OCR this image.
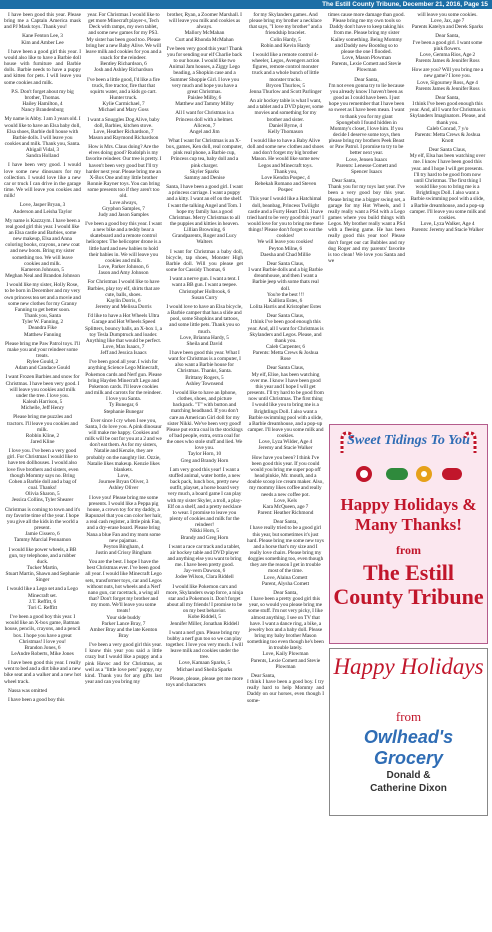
The Estill County Tribune, December 21, 2016, Page 15

I have been good this year. Please bring me a Captain America mask and PJ Mask toys. Thank you!

Kane Fenton Lee, 3
Kim and Amber Lee

I have been a good girl this year. I would also like to have a Barbie doll house with furniture and Barbie dolls. Barbie needs to have a puppy and kitten for pets. I will leave you some cookies and milk.

P.S. Don't forget about my big brother, Thomas.
Hailey Hamilton, 4
Nancy Brandenburg

My name is Abby. I am 3 years old. I would like to have an Elsa baby doll, Elsa shoes, Barbie doll house with Barbie dolls. I will leave you cookies and milk. Thank you, Santa.
Abigail Vidal, 3
Sandra Holland

I have been very good. I would love some new dinosaurs for my collection. I would love like a new car or truck I can drive in the garage time. We will leave you cookies and milk!

Love, Jasper Bryan, 3
Anderson and Leisha Taylor

My name is Kazzzym. I have been a real good girl this year. I would like an Elsa castle and Barbies, some new makeup, Elsa and Anna coloring books, crayons, a new coat and new boots. Bring my sister something too. We will leave cookies and milk.
Kameron Johnson, 5
Meghan Neal and Brandon Johnson

I would like my sister, Holly Rose, to be born in December and my very own princess tea set and a movie and some new clothes for my Granny Fanning to get better soon.
Thank you, Santa
Tyler W. Fanning, 2
Deandra Fike
Matthew Fanning

Please bring me Paw Patrol toys. I'll make you and your reindeer some treats.
Rylee Gould, 2
Adam and Candace Gould

I want Frozen Barbies and snow for Christmas. I have been very good. I will leave you cookies and milk under the tree. I love you.
Kaleah Harrison, 5
Michelle, Jeff Henry

Please bring me puzzles and tractors. I'll leave you cookies and milk.
Robbin Kline, 2
Jared Kline

I love you. I've been a very good girl. For Christmas I would like to have ten dollhouses. I would also love five brothers and sisters, even though Mommy says no. Bring Cohen a Barbie doll and a bag of coal. Thanks!
Olivia Sharon, 5
Jessica Collins, Tyler Shearer

Christmas is coming to town and it's my favorite time of the year. I hope you give all the kids in the world a present.
Jamie Cissero, 6
Tammy Marcial Pennamon

I would like power wheels, a BB gun, toy telephone, and a rubber duck.
Tucker Martin,
Stuart Martin, Shawn and Sephanie Singer

I would like a Lego set and a Lego Minecraft set.
J.T. Reffitt, 6
Tori C. Reffitt

I've been a good boy this year. I would like an X-box game, Batman house, pencils, crayons, and a pencil box. I hope you have a great Christmas! I love you!
Brandon Jones, 6
LeAndre Roberts, Mike Jones

I have been good this year. I really went to bed and a dirt bike and a new bike seat and a walker and a new hot wheel track.

Nassa was omitted

I have been a good boy this

year. For Christmas I would like to get more Minecraft player-s, Tech Deck with ramps, my own tablet, and some new games for my PS3. My sister has been good too. Please bring her a new Baby Alive. We will leave milk and cookies for you and a snack for the reindeer.
Bentley Richardson, 6
Josh and Ashley Richardson

I've been a little good, I'd like a fire truck, fire tractor, fire that that squirts water, and a kids go cart. Hunter truck.
Kylie Carmichael, 7
Michael and Mary Goss

I want a Snuggles Dog Alive, baby doll, Barbies, kitchen stove.
Love, Heather Richardson, 7
Mason and Raymond Richardson

How is Mrs. Claus doing? Are the elves doing good? Rudolph is my favorite reindeer. Our tree is pretty. I haven't been very good but I'll try harder next year. Please bring me an X-Box One and my little brother Ronnie Rayner toys. You can bring some presents too if they aren't too old.
Love always,
Gryphon Samples, 7
Judy and Jason Samples

I've been a good boy this year. I want a new bike and a teddy bear a skateboard and a remote control helicopter. The helicopter drone is a little hard and new babies to hold their babies in. We will leave you cookies and milk.
Love, Parker Johnson, 6
Jason and Amy Johnson

For Christmas I would like to have Barbies, play toy elf, shirts that are cute, balls, shoes.
Kaylin Dorris, 6
Jeremy and Melissa Dorris

I'd like to have a Hot Wheels Ultra Garage and Hot Wheels Speed Splitters, bouncy balls, an X-box 1, a toy Tesla Dumptruck and loader. Anything like that would be perfect.
Love, Max Isaacs, 7
Jeff and Jessica Isaacs

I've been good all year. I wish for anything Science Lego Minecraft, Pokemon cards and Nerf gun. Please bring Hayden Minecraft Lego and Pokemon cards. I'll leave cookies and milk and carrots for the reindeer. I love you Santa.
Ty Bunegar, 6
Stephanie Bunegar

Ever since I cry when I see you, Santa, I do love you. A pink dinosaur will make me happy. Cookies and milk will be out for you at a 2 and we don't eat them. As for my sisters, Natalie and Kenzie, they are probably on the naughty list. Ozzie, Natalie likes makeup. Kenzie likes blankets.
Love,
Journee Bryan Oliver, 3
Ashley Oliver

I love you! Please bring me some presents. I would like a Peppa pig house, a crown toy for my daddy, a Rapunzel that you can color her hair, a real cash register, a little pink Fan, and a dry-erase board. Please bring Nana a blue Fan and my mom some new pajamas.
Peyton Bingham, 4
Justin and Crissy Bingham

You are the best. I hope I have the best Christmas ever. I've been good all year. I would like Minecraft Lego sets, transformer toys, car and Legos without nuts, hot wheels and a Nerf nano gun, car racetrack, a wing all that? Don't forget my brother and my mom. We'll leave you some treats!
Your side buddy
Parker Lance Bray, 7
Amber Bray and the late Kenton Bray

I've been a very good girl this year. I know this year you said a little crazy but I would like a puppy and a pink Havoc and for Christmas, as well as a "little love pets" puppy, my kind. Thank you for any gifts last year and can you bring my

brother, Ryan, a Zoomer Marshall. I will leave you milk and cookies as always.
Mallory McMahan
Curt and Rhonda McMahan

I've been very good this year! Thank you for sending our elf Charlie back to our house. I would like two Animal Jam houses, a Ziggy Lego beading, a Shopkin case and a Summer Shoppie Girl. I love you very much and hope you have a great Christmas.
Paislee Milby, 6
Matthew and Tammy Milby

All I want for Christmas is a Princess doll with a helmet.
Aliceon, 7
Angel and Jim

What I want for Christmas is an X-box, games, Ken doll, real computer, pink real phone, a Barbie cup, Princess cup tea, baby doll and a pink charger.
Skyler Sparks
Sammy and Denise

Santa, I have been a good girl. I want a princess carriage. I want a puppy and a kitty. I want an elf on the shelf. I want the talking Angel and Tom. I hope my family has a good Christmas. Merry Christmas to all the puppies and kitties in heaven.
Lillian Browning, 6
Grandparents, Roger and Lucy Walters

I want for Christmas a baby doll, bicycle, tap shoes, Monster High Barbie doll. Will you please get some for Cassidy Thomas, 6

I want a nerve gun. I want a tent. I want a BB gun. I want a teepee.
Christopher Holbrook, 6
Susan Curry

I would love to have an Elsa bicycle, a Barbie camper that has a slide and pool, some Shopkins and tattoos, and some little pets. Thank you so much.
Love, Brianna Hardy, 5
Sheila and David

I have been good this year. What I want for Christmas is a computer, I also want a Barbie house for Christmas. Thanks, Santa.
Brittany Rogers, 5
Ashley Townsend

I would like to have an Iphone, clothes, shoes, and picture backpack. "T" with button and matching headband. If you don't care an American Girl doll for my sister Nikki. We've been very good! Please put extra coal in the stockings of bad people, extra, extra coal for the ones who stole stuff and lied. We love you.
Taylor Horn, 10
Greg and Brandy Horn

I am very good this year! I want a stuffed animal, water bottle, a new back pack, lunch box, pretty new outfit, playset, a horse board very very much, a board game I can play with my sister Skyler, a troll, a play-Elf on a shelf, and a pretty necklace to wear. I promise to leave you plenty of cookies and milk for the reindeer!
Nikki Horn, 5
Brandy and Greg Horn

I want a race car track and a tablet, air hockey table and DVD player and anything else you want to bring me. I have been pretty good.
Jay-vern Dawson, 6
Jodee Wilson, Clara Riddell

I would like Pokemon cars and more, Skylanders swap force, a ninja star and a Pokemon it. Don't forget about all my friends! I promise to be on my best behavior.
Kobe Riddell, 5
Jennifer Miller, Jonathan Riddell

I want a nerf gun. Please bring my bubby a nerf gun too so we can play together. I love you very much. I will leave milk and cookies under the tree.
Love, Kamaan Sparks, 5
Michael and Sheila Sparks

Please, please, please get me more toys and characters

for my Skylanders games. And please bring my brother a necklace that says, "I love my brother" and a friendship bracelet.
Colin Hardy, 5
Robin and Kevin Hardy

I would like a remote control 4-wheeler, Legos, Avengers action figures, remote control monster truck and a whole bunch of little monster trucks.
Brycen Thurlow, 5
Jenna Thurlow and Scott Parlinger

An air hockey table is what I want, and a tablet and a DVD player, some movies and something for my brother and sister.
Daniel Byrne, 4
Kelly Thomason

I would like to have a Baby Alive doll and some new clothes and shoes and don't forget my big brother Mason. He would like some new Legos and Minecraft toys.
Thank you,
Love Kendra Pospec, 4
Rebekah Romano and Steven Pospec

This year I would like a Hatchimal doll, beanbag, Princess Twilight castle and a Furry Heart Doll. I have tried hard to be very good this year! I would love for you to bring me these things! Please don't forget to eat the cookies!
We will leave you cookies!
Peyton Milne, 6
Daesha and Chad Millie

Dear Santa Claus,
I want Barbie dolls and a big Barbie dreamhouse, and then I want a Barbie jeep with some thats real doll.
You're the best !!!
Kallista Estes, 6
Lolita Harris and Kristopher Estes

Dear Santa Claus,
I think I've been good enough this year. And, all I want for Christmas is Skylanders and Legos. Please, and thank you.
Caleb Carpenter, 6
Parents: Metta Crews & Joshua Rose

Dear Santa Claus,
My elf, Elise, has been watching over me. I know I have been good this year and I hope I will get presents. I'll try hard to be good from now until Christmas. The first thing I would like you to bring me is a Brightlings Doll. I also want a Barbie swimming pool with a slide, a Barbie dreamhouse, and a pop-up camper. I'll leave you some milk and cookies.
Love, Lyza Wilder, Age 4
Jeremy and Stacie Walker

How have you been? I think I've been good this year. If you could would you bring me super pop off head pinkie, Mr. mouth, and a double scoop ice cream maker. Also, my mommy likes coffee and really needs a new coffee pot.
Love, Kels
Kara McQueen, age 7
Parent: Heather Richmond

Dear Santa,
I have really tried to be a good girl this year, but sometimes it's just hard. Please bring me some new toys and a horse that's my size and I really love chairs. Please bring my doggies something too, even though they are the reason I get in trouble most of the time.
Love, Alaina Comett
Parent, Alysha Comett

Dear Santa,
I have been a pretty good girl this year, so would you please bring me some stuff. I'm not very picky, I like almost anything. I see on TV that have. I want a dance ring, a bike, a jewelry box and a baby doll. Please bring my baby brother Mason something too even though he's been in trouble lately.
Love, Kaily Plowman
Parents, Lexie Comett and Stevie Plowman

Dear Santa,
I think I have been a good boy. I try really hard to help Mommy and Daddy on our horses, even though I some-

times cause more damage than good. Please bring me my own tools so Daddy don't have to keep taking his from me. Please bring my sister Kailey something. Being Mommy and Daddy new Bootdog so to please the one I flooded.
Love, Mason Plowman
Parents, Lexie Comett and Stevie Plowman

Dear Santa,
I'm not even gonna try to lie because you already know I haven't been as good as I could have been. I just hope you remember that I have been so sweet as I have been mean. I want to thank you for my giant Spongebob I found hidden in Mommy's closet, I love him. If you decide I deserve some toys, then please bring my brothers Peek Beast or Paw Patrol. I promise to try to be better next year.
Love, Jensen Isaacs
Parents: Lenesse Comett and Spencer Isaacs

Dear Santa,
Thank you for my toys last year. I've been a very good boy this year. Please bring me a bigger swing set, a garage for my Hot Wheels, and I really really want a PS4 with a Lego games where you build things with Legos. My brother really want a PS4 with a fleeing game. He has been really good this year too! Please don't forget our cat Bubbles and my dog Roger and my parents' favorite is too clean! We love you Santa and we

will leave you some cookies.
Love, Jax, age 7
Parents Katelyn and Derek Sparks

Dear Santa,
I've been a good girl. I want some pink flowers.
Love, Gemma Rios, Age 2
Parents James & Jennifer Ross

How are you? Will you bring me a new game? I love you.
Love, Sigourney Ross, Age 4
Parents James & Jennifer Ross

Dear Santa,
I think I've been good enough this year. And, all I want for Christmas is Skylanders Imaginators. Please, and thank you.
Caleb Conrad, 7 y/o
Parents: Metta Crews & Joshua Knott

Dear Santa Claus,
My elf, Elsa has been watching over me. I know I have been good this year. and I hope I will get presents. I'll try hard to be good from now until Christmas. The first thing I would like you to bring me is a Brightlings Doll. I also want a Barbie swimming pool with a slide, a Barbie dreamhouse, and a pop-up camper. I'll leave you some milk and cookies.
Love, Lyza Walker, Age 4
Parents: Jeremy and Stacie Walker

Sweet Tidings To You
Happy Holidays & Many Thanks!
from
The Estill County Tribune
Happy Holidays
from
Owlhead's Grocery
Donald &
Catherine Dixon
